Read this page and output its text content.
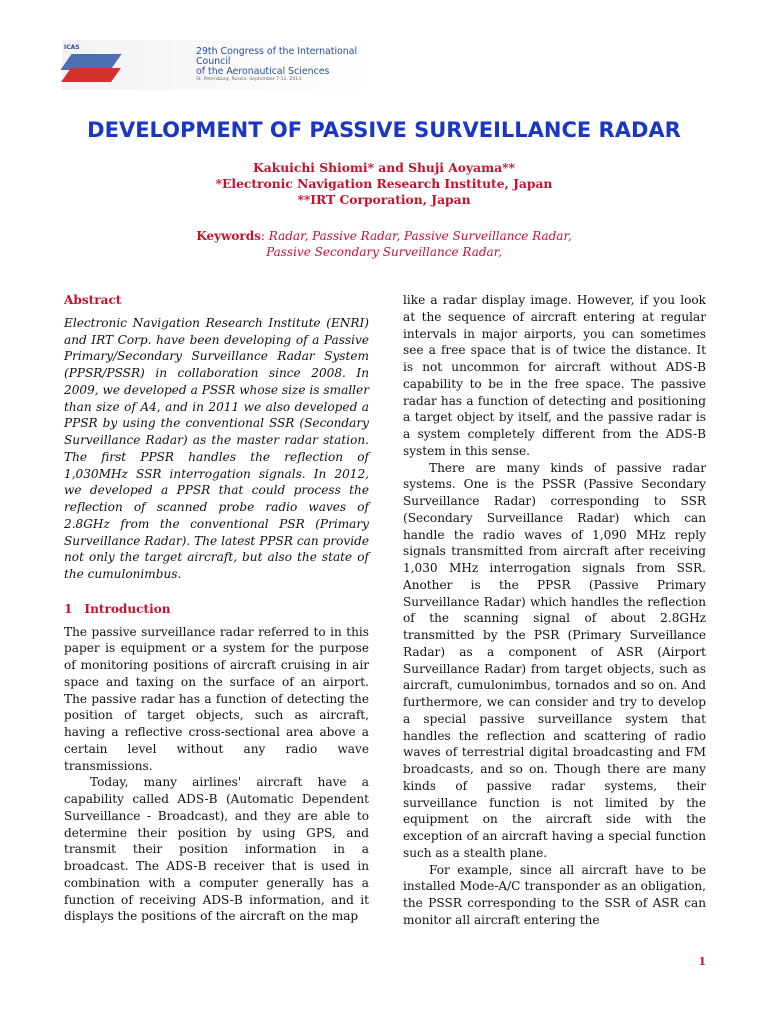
ICAS	29th Congress of the International Council
of the Aeronautical Sciences
St. Petersburg, Russia; September 7-12, 2014
DEVELOPMENT OF PASSIVE SURVEILLANCE RADAR
Kakuichi Shiomi* and Shuji Aoyama**
*Electronic Navigation Research Institute, Japan
**IRT Corporation, Japan
Keywords: Radar, Passive Radar, Passive Surveillance Radar,
Passive Secondary Surveillance Radar,
Abstract

Electronic Navigation Research Institute (ENRI) and IRT Corp. have been developing of a Passive Primary/Secondary Surveillance Radar System (PPSR/PSSR) in collaboration since 2008. In 2009, we developed a PSSR whose size is smaller than size of A4, and in 2011 we also developed a PPSR by using the conventional SSR (Secondary Surveillance Radar) as the master radar station. The first PPSR handles the reflection of 1,030MHz SSR interrogation signals. In 2012, we developed a PPSR that could process the reflection of scanned probe radio waves of 2.8GHz from the conventional PSR (Primary Surveillance Radar). The latest PPSR can provide not only the target aircraft, but also the state of the cumulonimbus.

1 Introduction

The passive surveillance radar referred to in this paper is equipment or a system for the purpose of monitoring positions of aircraft cruising in air space and taxing on the surface of an airport. The passive radar has a function of detecting the position of target objects, such as aircraft, having a reflective cross-sectional area above a certain level without any radio wave transmissions.

Today, many airlines' aircraft have a capability called ADS-B (Automatic Dependent Surveillance - Broadcast), and they are able to determine their position by using GPS, and transmit their position information in a broadcast. The ADS-B receiver that is used in combination with a computer generally has a function of receiving ADS-B information, and it displays the positions of the aircraft on the map

like a radar display image. However, if you look at the sequence of aircraft entering at regular intervals in major airports, you can sometimes see a free space that is of twice the distance. It is not uncommon for aircraft without ADS-B capability to be in the free space. The passive radar has a function of detecting and positioning a target object by itself, and the passive radar is a system completely different from the ADS-B system in this sense.

There are many kinds of passive radar systems. One is the PSSR (Passive Secondary Surveillance Radar) corresponding to SSR (Secondary Surveillance Radar) which can handle the radio waves of 1,090 MHz reply signals transmitted from aircraft after receiving 1,030 MHz interrogation signals from SSR. Another is the PPSR (Passive Primary Surveillance Radar) which handles the reflection of the scanning signal of about 2.8GHz transmitted by the PSR (Primary Surveillance Radar) as a component of ASR (Airport Surveillance Radar) from target objects, such as aircraft, cumulonimbus, tornados and so on. And furthermore, we can consider and try to develop a special passive surveillance system that handles the reflection and scattering of radio waves of terrestrial digital broadcasting and FM broadcasts, and so on. Though there are many kinds of passive radar systems, their surveillance function is not limited by the equipment on the aircraft side with the exception of an aircraft having a special function such as a stealth plane.

For example, since all aircraft have to be installed Mode-A/C transponder as an obligation, the PSSR corresponding to the SSR of ASR can monitor all aircraft entering the

1
